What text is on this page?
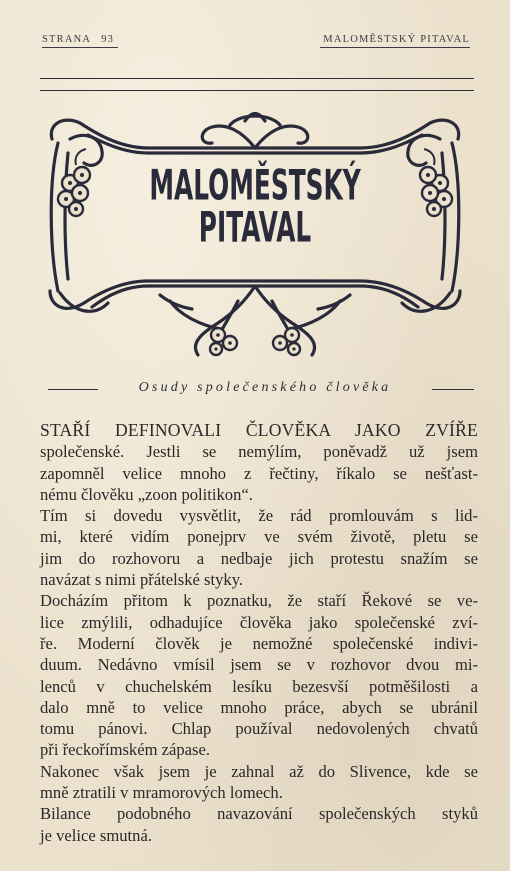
STRANA 93	MALOMĚSTSKÝ PITAVAL
MALOMĚSTSKÝ
PITAVAL
Osudy společenského člověka
STAŘÍ DEFINOVALI ČLOVĚKA JAKO ZVÍŘE
společenské. Jestli se nemýlím, poněvadž už jsem
zapomněl velice mnoho z řečtiny, říkalo se nešťast-
nému člověku „zoon politikon“.
Tím si dovedu vysvětlit, že rád promlouvám s lid-
mi, které vidím ponejprv ve svém životě, pletu se
jim do rozhovoru a nedbaje jich protestu snažím se
navázat s nimi přátelské styky.
Docházím přitom k poznatku, že staří Řekové se ve-
lice zmýlili, odhadujíce člověka jako společenské zví-
ře. Moderní člověk je nemožné společenské indivi-
duum. Nedávno vmísil jsem se v rozhovor dvou mi-
lenců v chuchelském lesíku bezesvší potměšilosti a
dalo mně to velice mnoho práce, abych se ubránil
tomu pánovi. Chlap používal nedovolených chvatů
při řeckořímském zápase.
Nakonec však jsem je zahnal až do Slivence, kde se
mně ztratili v mramorových lomech.
Bilance podobného navazování společenských styků
je velice smutná.
